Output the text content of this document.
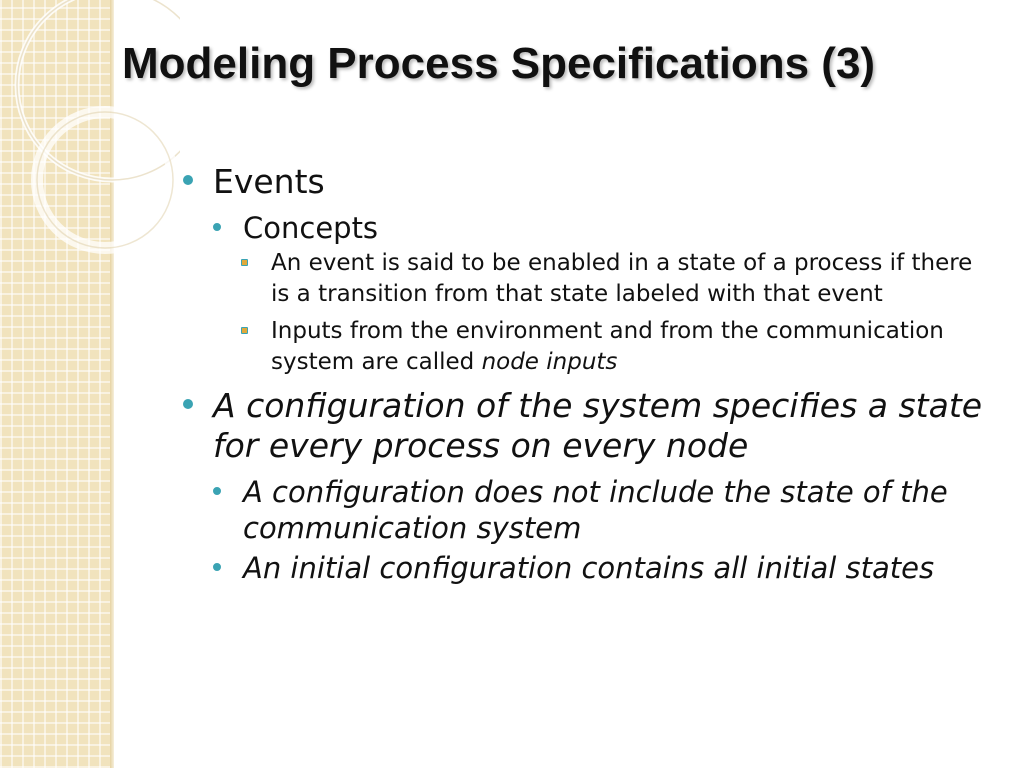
Modeling Process Specifications (3)
Events
Concepts
An event is said to be enabled in a state of a process if there is a transition from that state labeled with that event
Inputs from the environment and from the communication system are called node inputs
A configuration of the system specifies a state for every process on every node
A configuration does not include the state of the communication system
An initial configuration contains all initial states
